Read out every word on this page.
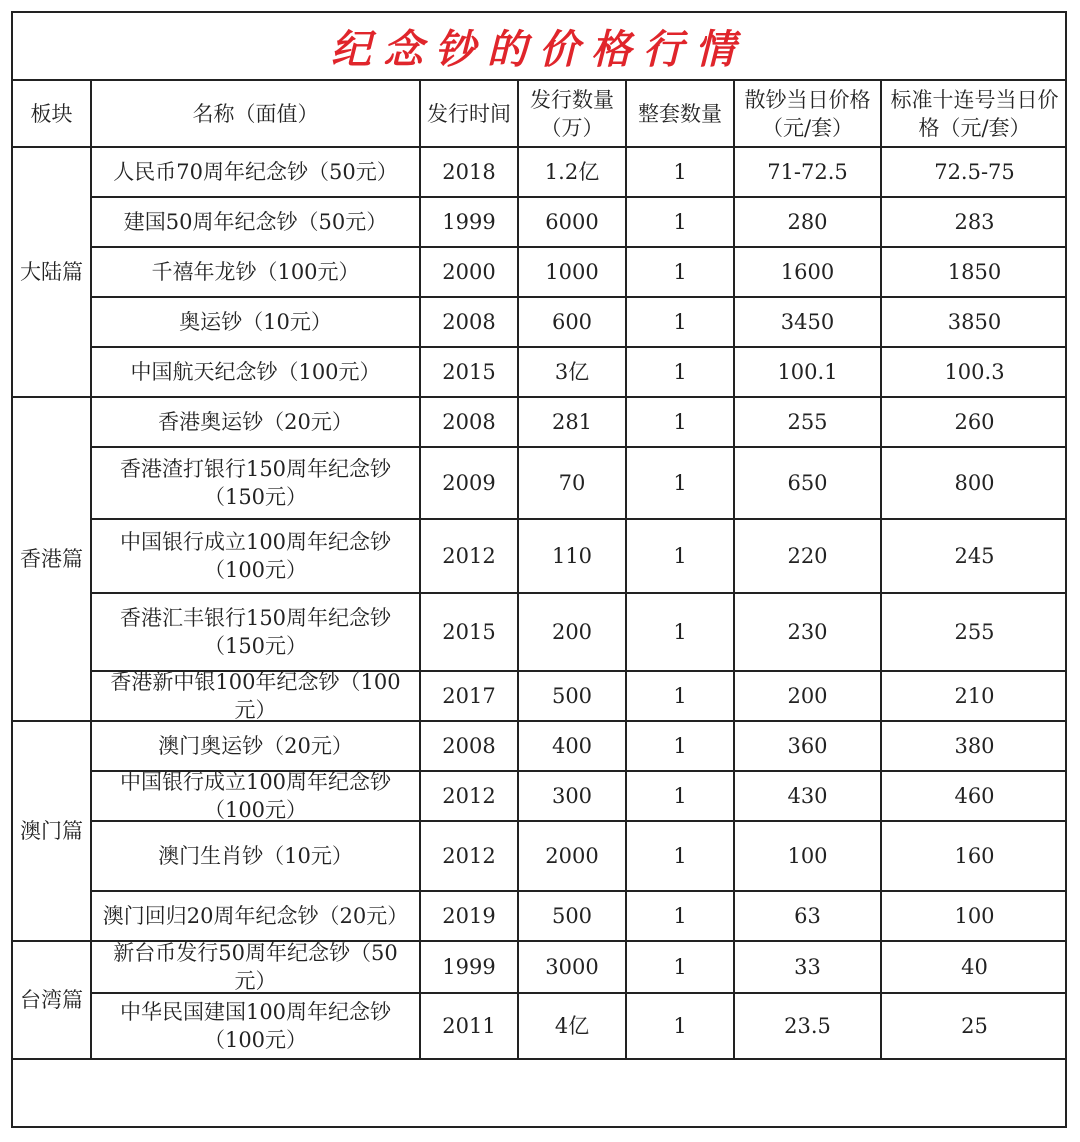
纪念钞的价格行情
板块	名称（面值）	发行时间	发行数量（万）	整套数量	散钞当日价格（元/套）	标准十连号当日价格（元/套）
大陆篇	人民币70周年纪念钞（50元）	2018	1.2亿	1	71-72.5	72.5-75

建国50周年纪念钞（50元）	1999	6000	1	280	283

千禧年龙钞（100元）	2000	1000	1	1600	1850

奥运钞（10元）	2008	600	1	3450	3850

中国航天纪念钞（100元）	2015	3亿	1	100.1	100.3

香港篇	香港奥运钞（20元）	2008	281	1	255	260

香港渣打银行150周年纪念钞（150元）	2009	70	1	650	800

中国银行成立100周年纪念钞（100元）	2012	110	1	220	245

香港汇丰银行150周年纪念钞（150元）	2015	200	1	230	255

香港新中银100年纪念钞（100元）	2017	500	1	200	210

澳门篇	澳门奥运钞（20元）	2008	400	1	360	380

中国银行成立100周年纪念钞（100元）	2012	300	1	430	460

澳门生肖钞（10元）	2012	2000	1	100	160

澳门回归20周年纪念钞（20元）	2019	500	1	63	100

台湾篇	新台币发行50周年纪念钞（50元）	1999	3000	1	33	40

中华民国建国100周年纪念钞（100元）	2011	4亿	1	23.5	25
